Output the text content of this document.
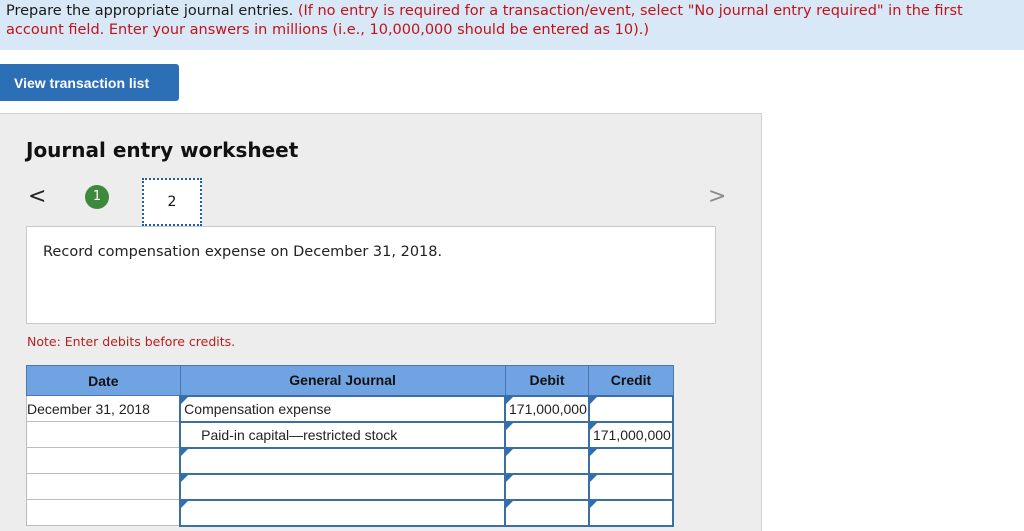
Prepare the appropriate journal entries. (If no entry is required for a transaction/event, select "No journal entry required" in the first account field. Enter your answers in millions (i.e., 10,000,000 should be entered as 10).)
View transaction list
Journal entry worksheet
<	1	2	>
Record compensation expense on December 31, 2018.
Note: Enter debits before credits.
Date	General Journal	Debit	Credit
December 31, 2018	Compensation expense	171,000,000	

	Paid-in capital—restricted stock		171,000,000
